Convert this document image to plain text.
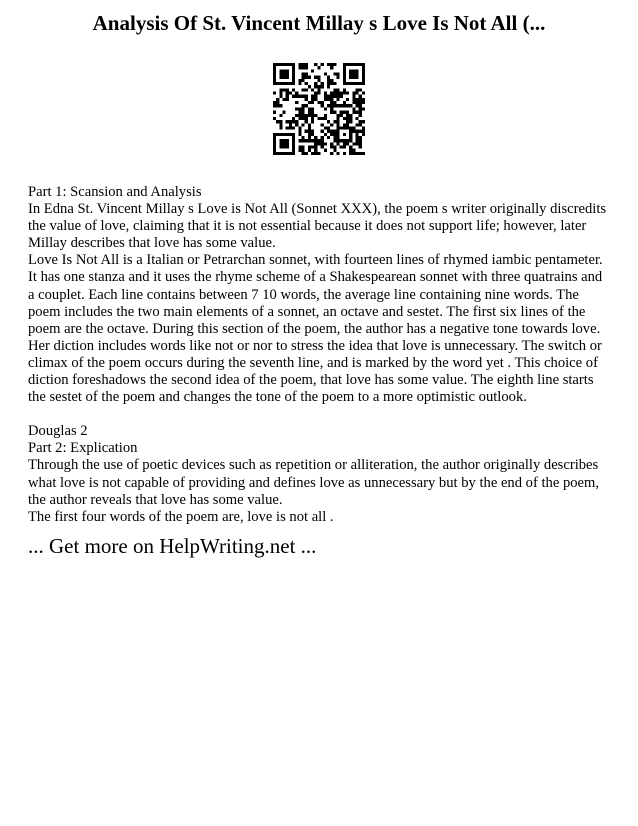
Analysis Of St. Vincent Millay s Love Is Not All (...

Part 1: Scansion and Analysis

In Edna St. Vincent Millay s Love is Not All (Sonnet XXX), the poem s writer originally discredits the value of love, claiming that it is not essential because it does not support life; however, later Millay describes that love has some value.

Love Is Not All is a Italian or Petrarchan sonnet, with fourteen lines of rhymed iambic pentameter. It has one stanza and it uses the rhyme scheme of a Shakespearean sonnet with three quatrains and a couplet. Each line contains between 7 10 words, the average line containing nine words. The poem includes the two main elements of a sonnet, an octave and sestet. The first six lines of the poem are the octave. During this section of the poem, the author has a negative tone towards love. Her diction includes words like not or nor to stress the idea that love is unnecessary. The switch or climax of the poem occurs during the seventh line, and is marked by the word yet . This choice of diction foreshadows the second idea of the poem, that love has some value. The eighth line starts the sestet of the poem and changes the tone of the poem to a more optimistic outlook.

Douglas 2

Part 2: Explication

Through the use of poetic devices such as repetition or alliteration, the author originally describes what love is not capable of providing and defines love as unnecessary but by the end of the poem, the author reveals that love has some value.

The first four words of the poem are, love is not all .

... Get more on HelpWriting.net ...
